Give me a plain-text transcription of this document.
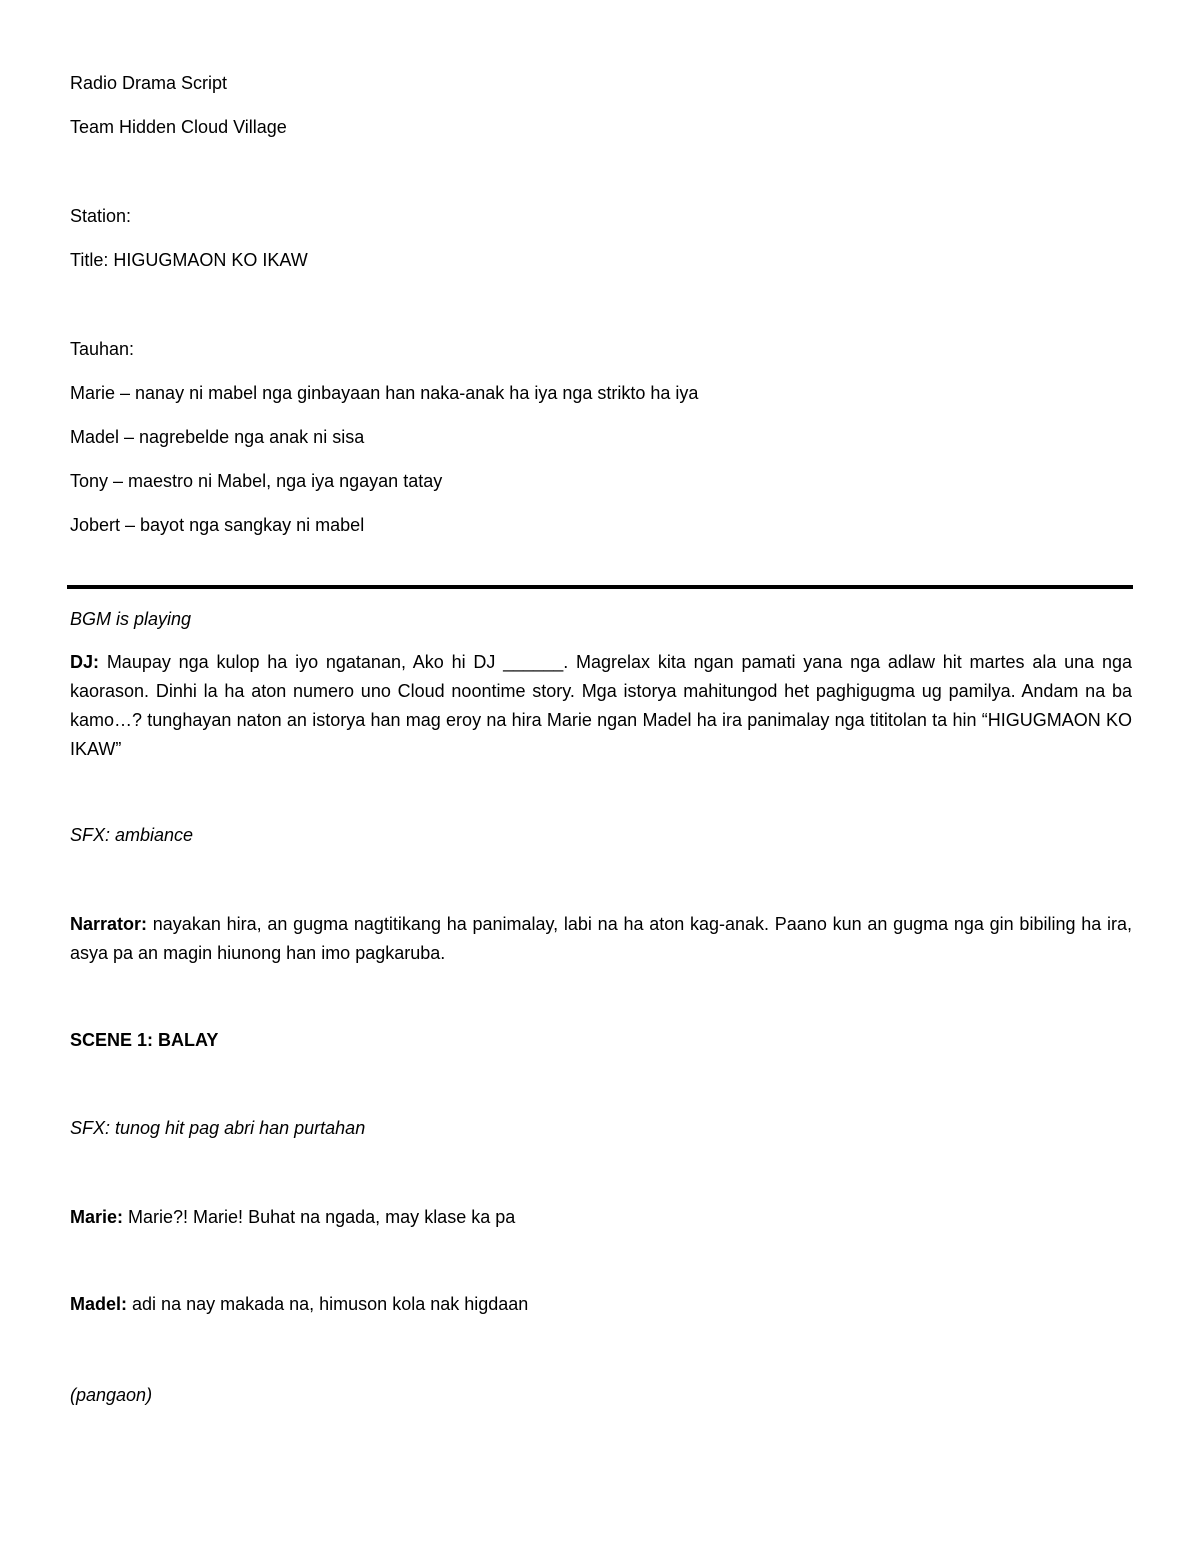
Radio Drama Script
Team Hidden Cloud Village
Station:
Title: HIGUGMAON KO IKAW
Tauhan:
Marie – nanay ni mabel nga ginbayaan han naka-anak ha iya nga strikto ha iya
Madel – nagrebelde nga anak ni sisa
Tony – maestro ni Mabel, nga iya ngayan tatay
Jobert – bayot nga sangkay ni mabel
BGM is playing
DJ: Maupay nga kulop ha iyo ngatanan, Ako hi DJ ______. Magrelax kita ngan pamati yana nga adlaw hit martes ala una nga kaorason. Dinhi la ha aton numero uno Cloud noontime story. Mga istorya mahitungod het paghigugma ug pamilya. Andam na ba kamo…? tunghayan naton an istorya han mag eroy na hira Marie ngan Madel ha ira panimalay nga tititolan ta hin “HIGUGMAON KO IKAW”
SFX: ambiance
Narrator: nayakan hira, an gugma nagtitikang ha panimalay, labi na ha aton kag-anak. Paano kun an gugma nga gin bibiling ha ira, asya pa an magin hiunong han imo pagkaruba.
SCENE 1: BALAY
SFX: tunog hit pag abri han purtahan
Marie: Marie?! Marie! Buhat na ngada, may klase ka pa
Madel: adi na nay makada na, himuson kola nak higdaan
(pangaon)
